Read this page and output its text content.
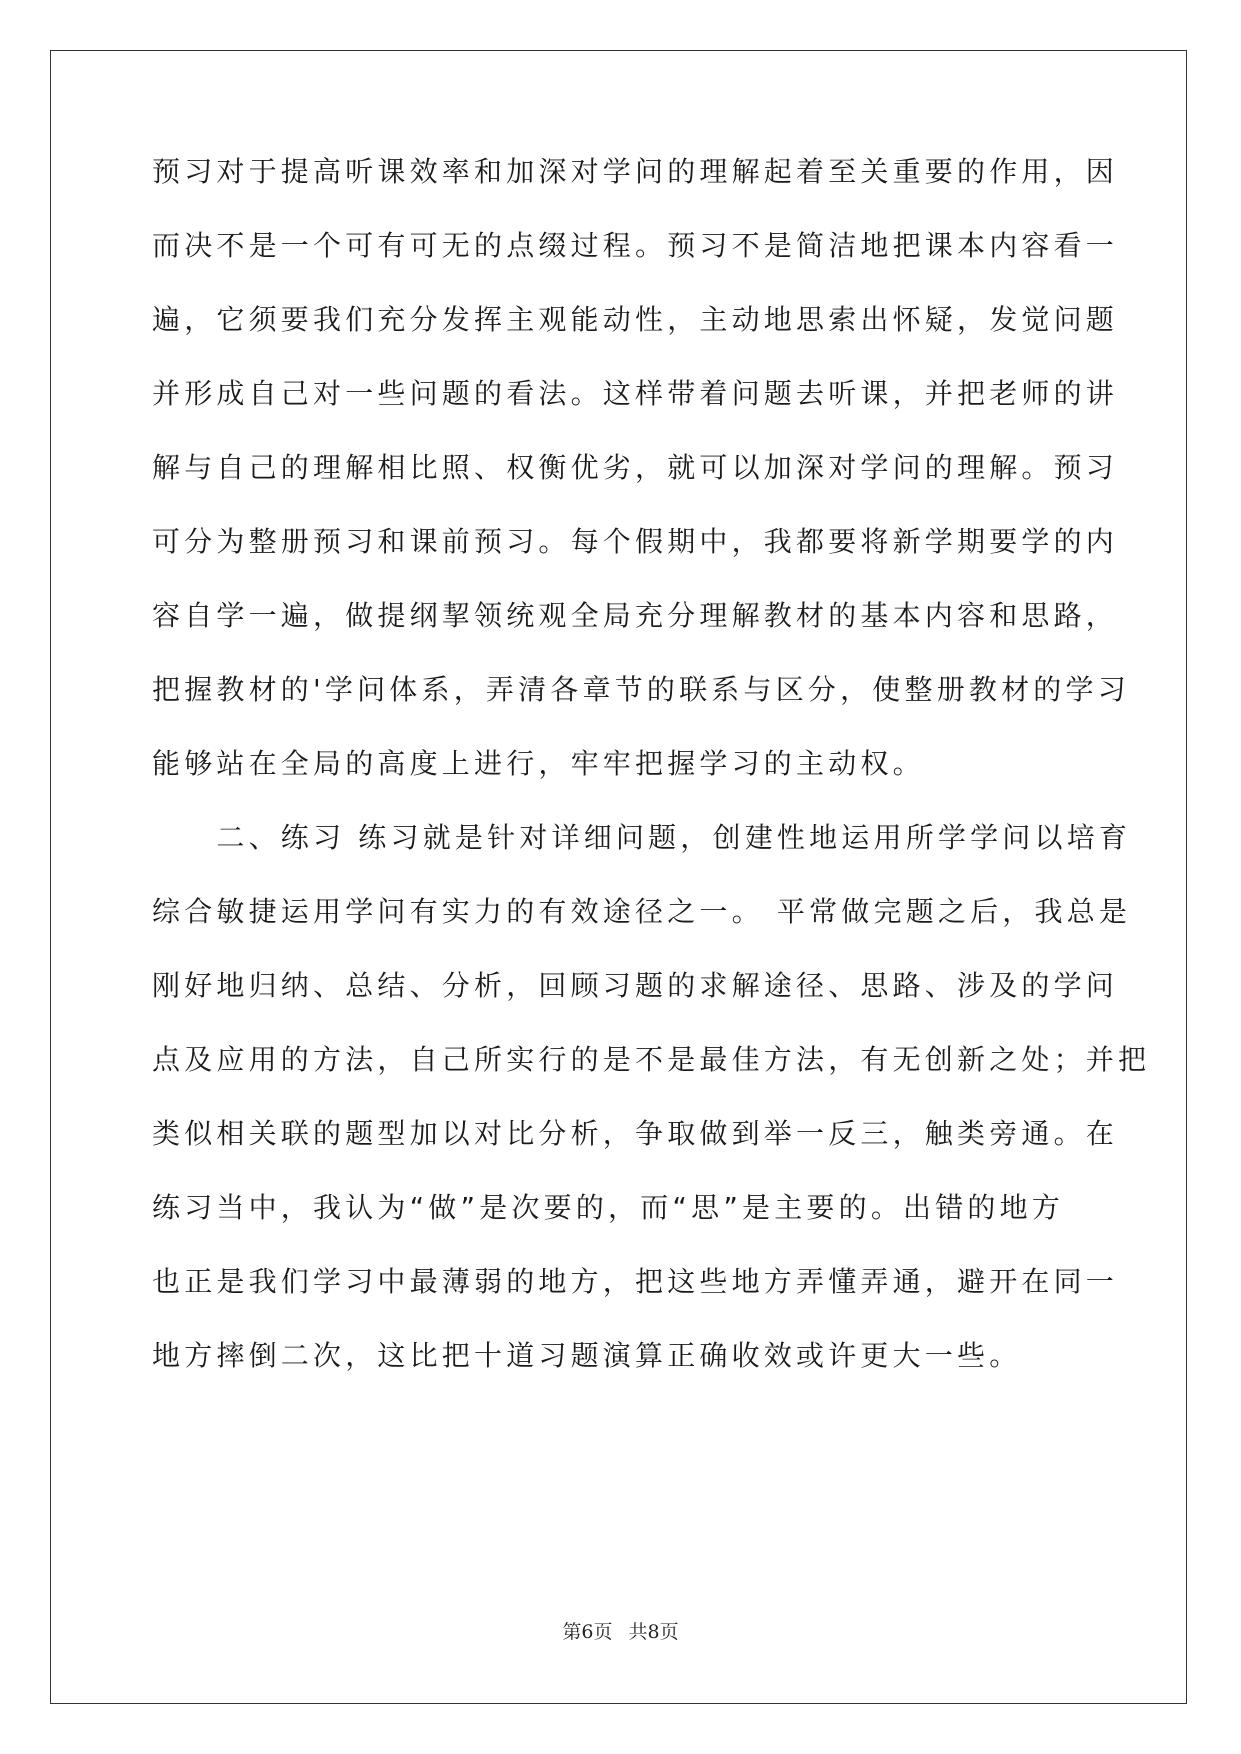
预习对于提高听课效率和加深对学问的理解起着至关重要的作用，因
而决不是一个可有可无的点缀过程。预习不是简洁地把课本内容看一
遍，它须要我们充分发挥主观能动性，主动地思索出怀疑，发觉问题
并形成自己对一些问题的看法。这样带着问题去听课，并把老师的讲
解与自己的理解相比照、权衡优劣，就可以加深对学问的理解。预习
可分为整册预习和课前预习。每个假期中，我都要将新学期要学的内
容自学一遍，做提纲挈领统观全局充分理解教材的基本内容和思路，
把握教材的'学问体系，弄清各章节的联系与区分，使整册教材的学习
能够站在全局的高度上进行，牢牢把握学习的主动权。
　　二、练习 练习就是针对详细问题，创建性地运用所学学问以培育
综合敏捷运用学问有实力的有效途径之一。 平常做完题之后，我总是
刚好地归纳、总结、分析，回顾习题的求解途径、思路、涉及的学问
点及应用的方法，自己所实行的是不是最佳方法，有无创新之处；并把
类似相关联的题型加以对比分析，争取做到举一反三，触类旁通。在
练习当中，我认为“做”是次要的，而“思”是主要的。出错的地方
也正是我们学习中最薄弱的地方，把这些地方弄懂弄通，避开在同一
地方摔倒二次，这比把十道习题演算正确收效或许更大一些。
第6页 共8页
